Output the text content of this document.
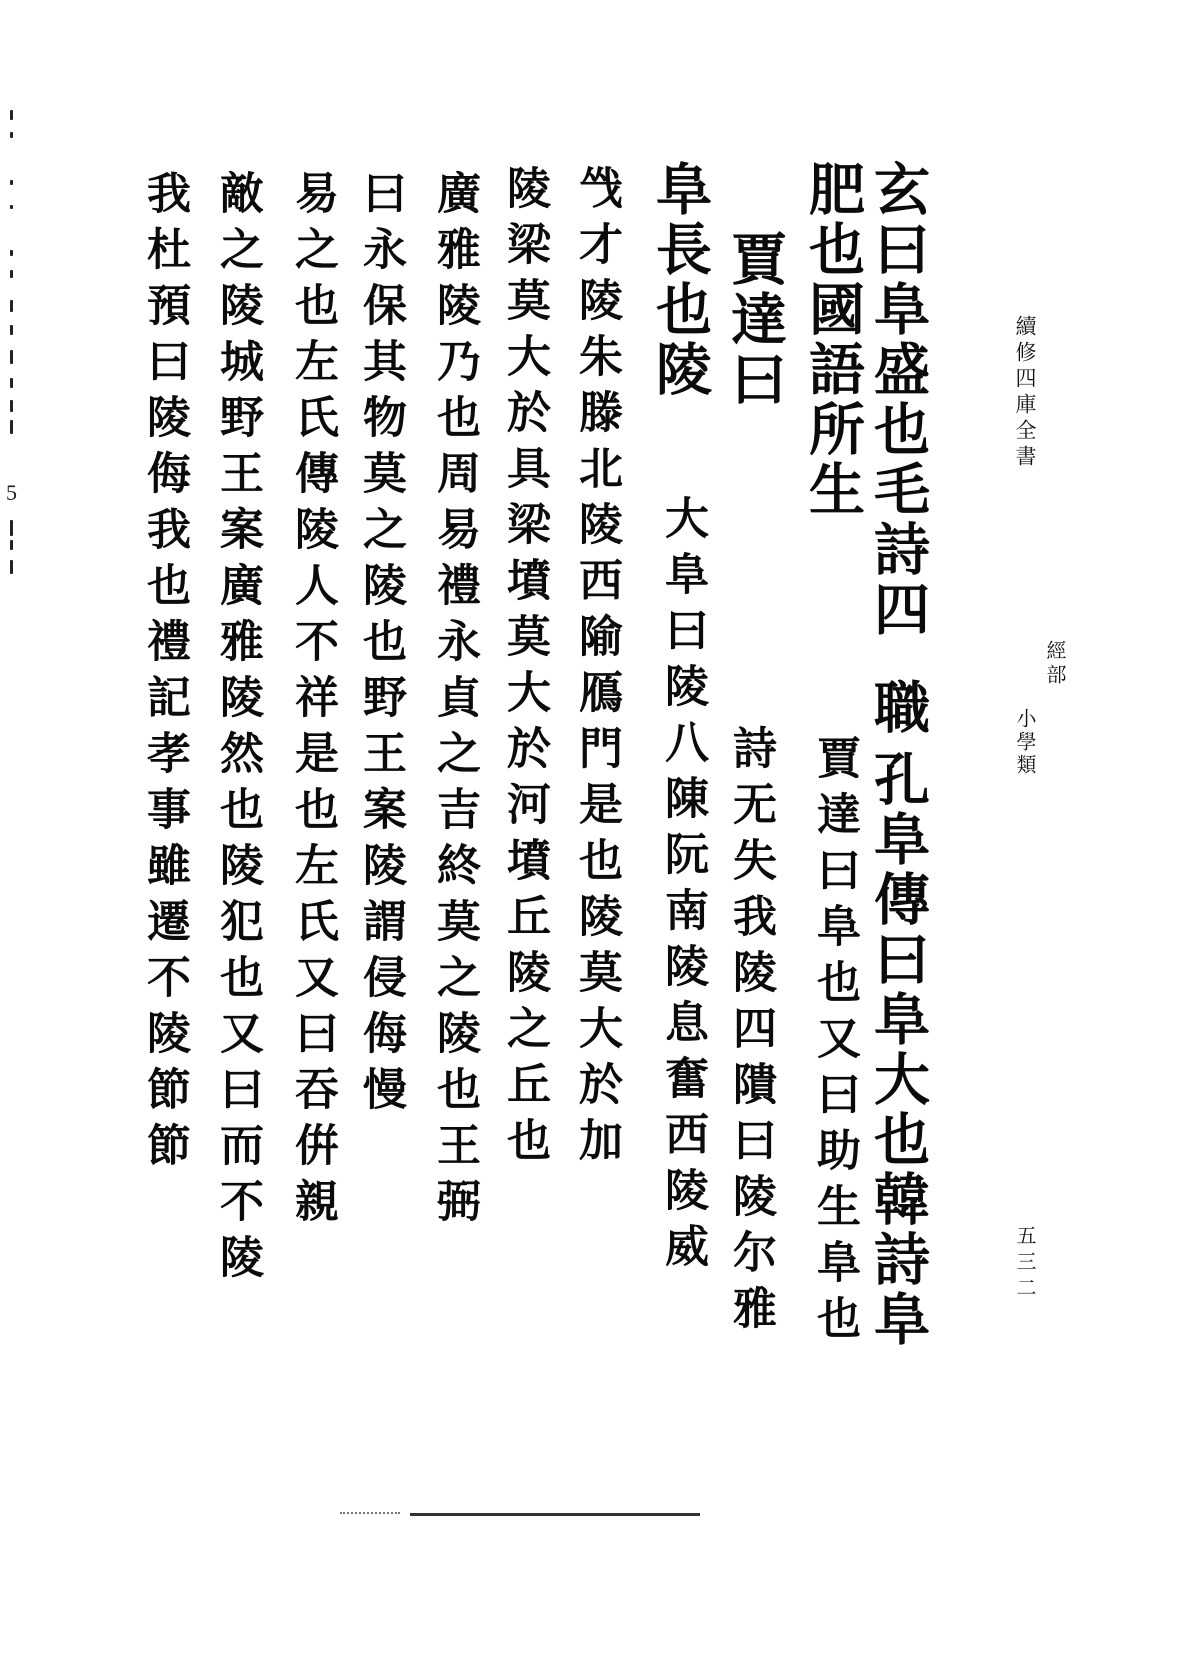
5
續修四庫全書
經部
小學類
五三二
玄曰阜盛也毛詩四
職
孔阜傳曰阜大也韓詩阜
肥也國語所生
賈達曰阜也又曰助生阜也
賈達曰
阜長也陵
大阜曰陵八陳阮南陵息奮西陵威 詩无失我陵四隤曰陵尔雅
㦰才陵朱滕北陵西隃鴈門是也陵莫大於加
陵梁莫大於具梁墳莫大於河墳丘陵之丘也
廣雅陵乃也周易禮永貞之吉終莫之陵也王弼
曰永保其物莫之陵也野王案陵謂侵侮慢
易之也左氏傳陵人不祥是也左氏又曰吞倂親
敵之陵城野王案廣雅陵然也陵犯也又曰而不陵
我杜預曰陵侮我也禮記孝事雖遷不陵節節
